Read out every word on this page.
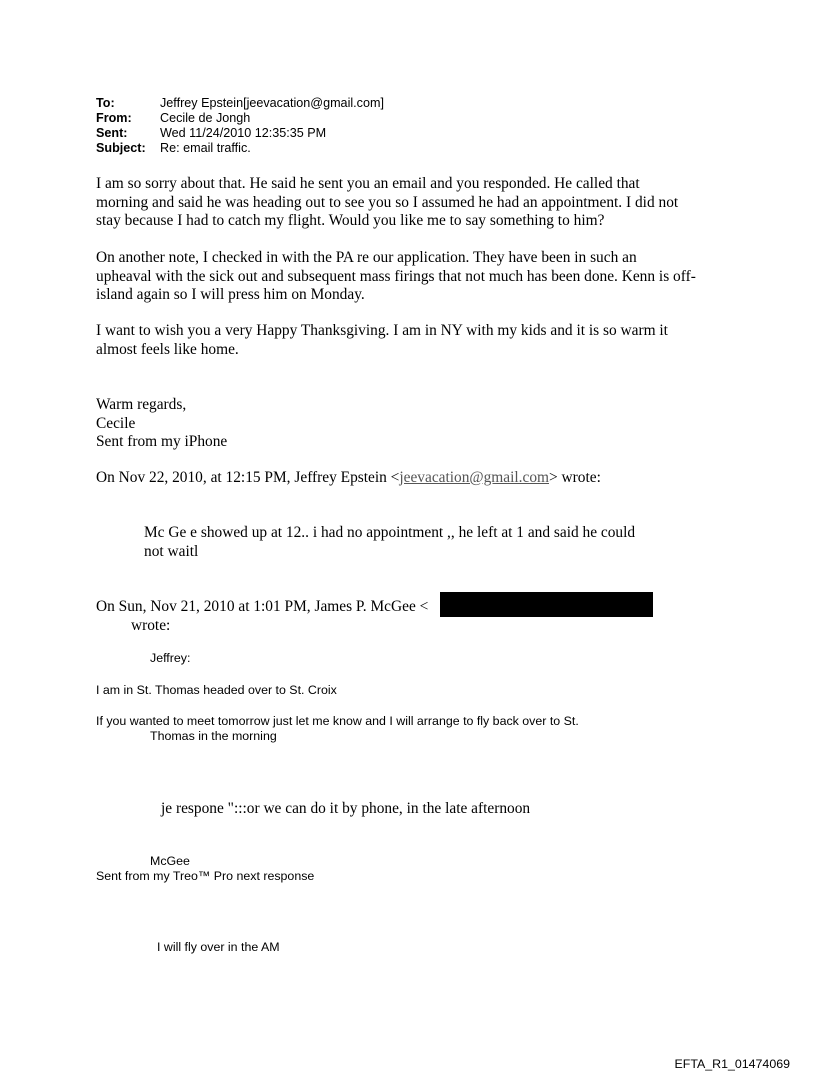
To:	Jeffrey Epstein[jeevacation@gmail.com]
From:	Cecile de Jongh
Sent:	Wed 11/24/2010 12:35:35 PM
Subject:	Re: email traffic.
I am so sorry about that. He said he sent you an email and you responded. He called that
morning and said he was heading out to see you so I assumed he had an appointment. I did not
stay because I had to catch my flight. Would you like me to say something to him?
On another note, I checked in with the PA re our application. They have been in such an
upheaval with the sick out and subsequent mass firings that not much has been done. Kenn is off-
island again so I will press him on Monday.
I want to wish you a very Happy Thanksgiving. I am in NY with my kids and it is so warm it
almost feels like home.
Warm regards,
Cecile
Sent from my iPhone
On Nov 22, 2010, at 12:15 PM, Jeffrey Epstein <jeevacation@gmail.com> wrote:
Mc Ge e showed up at 12.. i had no appointment ,, he left at 1 and said he could
not waitl
On Sun, Nov 21, 2010 at 1:01 PM, James P. McGee <
wrote:
Jeffrey:
I am in St. Thomas headed over to St. Croix
If you wanted to meet tomorrow just let me know and I will arrange to fly back over to St.
Thomas in the morning
je respone ":::or we can do it by phone, in the late afternoon
McGee
Sent from my Treo™ Pro next response
I will fly over in the AM
EFTA_R1_01474069
